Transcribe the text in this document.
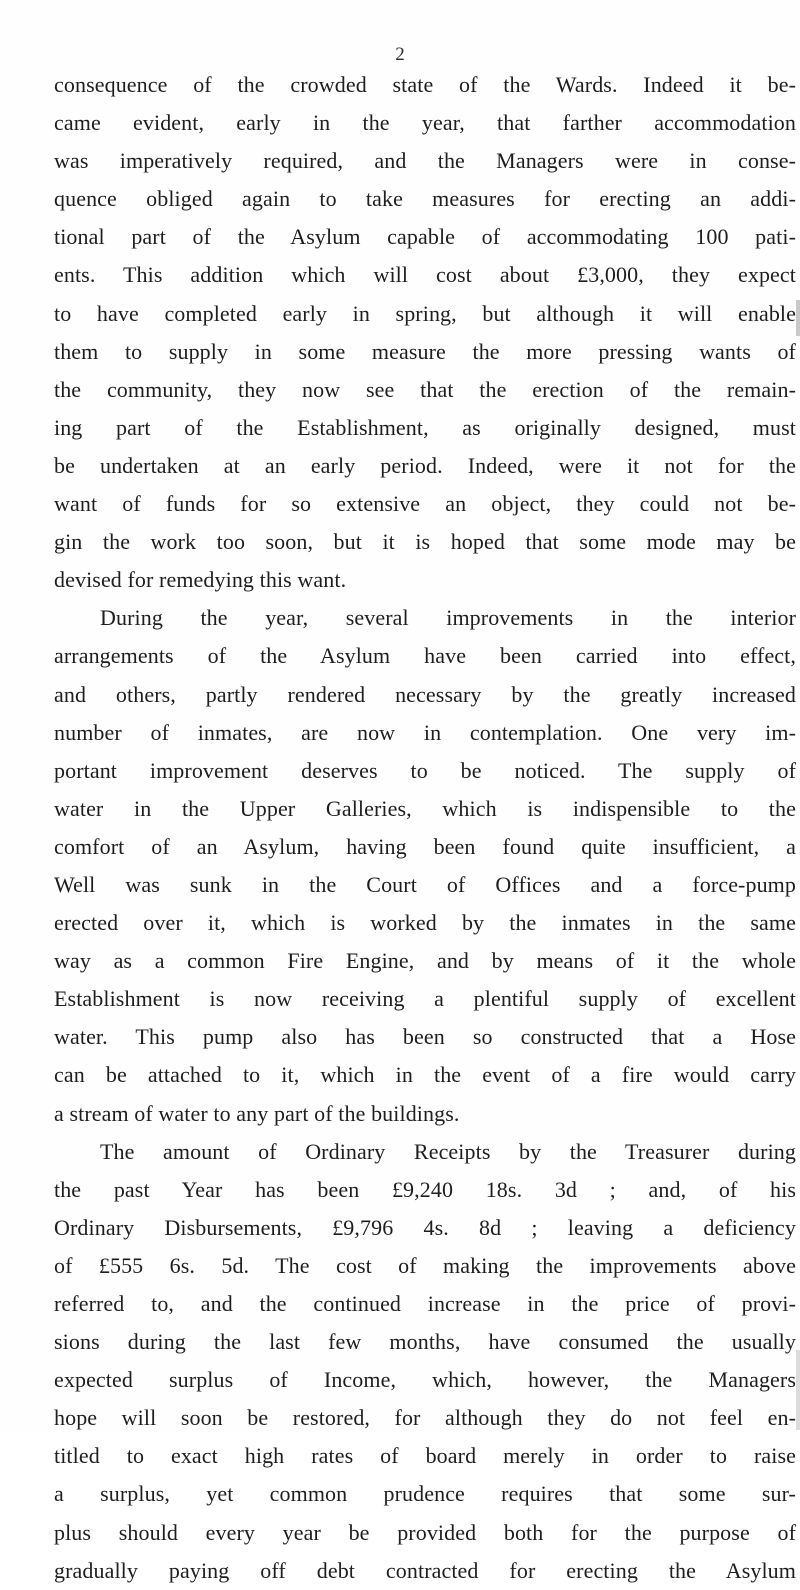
2
consequence of the crowded state of the Wards. Indeed it be-
came evident, early in the year, that farther accommodation
was imperatively required, and the Managers were in conse-
quence obliged again to take measures for erecting an addi-
tional part of the Asylum capable of accommodating 100 pati-
ents. This addition which will cost about £3,000, they expect
to have completed early in spring, but although it will enable
them to supply in some measure the more pressing wants of
the community, they now see that the erection of the remain-
ing part of the Establishment, as originally designed, must
be undertaken at an early period. Indeed, were it not for the
want of funds for so extensive an object, they could not be-
gin the work too soon, but it is hoped that some mode may be
devised for remedying this want.
During the year, several improvements in the interior
arrangements of the Asylum have been carried into effect,
and others, partly rendered necessary by the greatly increased
number of inmates, are now in contemplation. One very im-
portant improvement deserves to be noticed. The supply of
water in the Upper Galleries, which is indispensible to the
comfort of an Asylum, having been found quite insufficient, a
Well was sunk in the Court of Offices and a force-pump
erected over it, which is worked by the inmates in the same
way as a common Fire Engine, and by means of it the whole
Establishment is now receiving a plentiful supply of excellent
water. This pump also has been so constructed that a Hose
can be attached to it, which in the event of a fire would carry
a stream of water to any part of the buildings.
The amount of Ordinary Receipts by the Treasurer during
the past Year has been £9,240 18s. 3d ; and, of his
Ordinary Disbursements, £9,796 4s. 8d ; leaving a deficiency
of £555 6s. 5d. The cost of making the improvements above
referred to, and the continued increase in the price of provi-
sions during the last few months, have consumed the usually
expected surplus of Income, which, however, the Managers
hope will soon be restored, for although they do not feel en-
titled to exact high rates of board merely in order to raise
a surplus, yet common prudence requires that some sur-
plus should every year be provided both for the purpose of
gradually paying off debt contracted for erecting the Asylum
